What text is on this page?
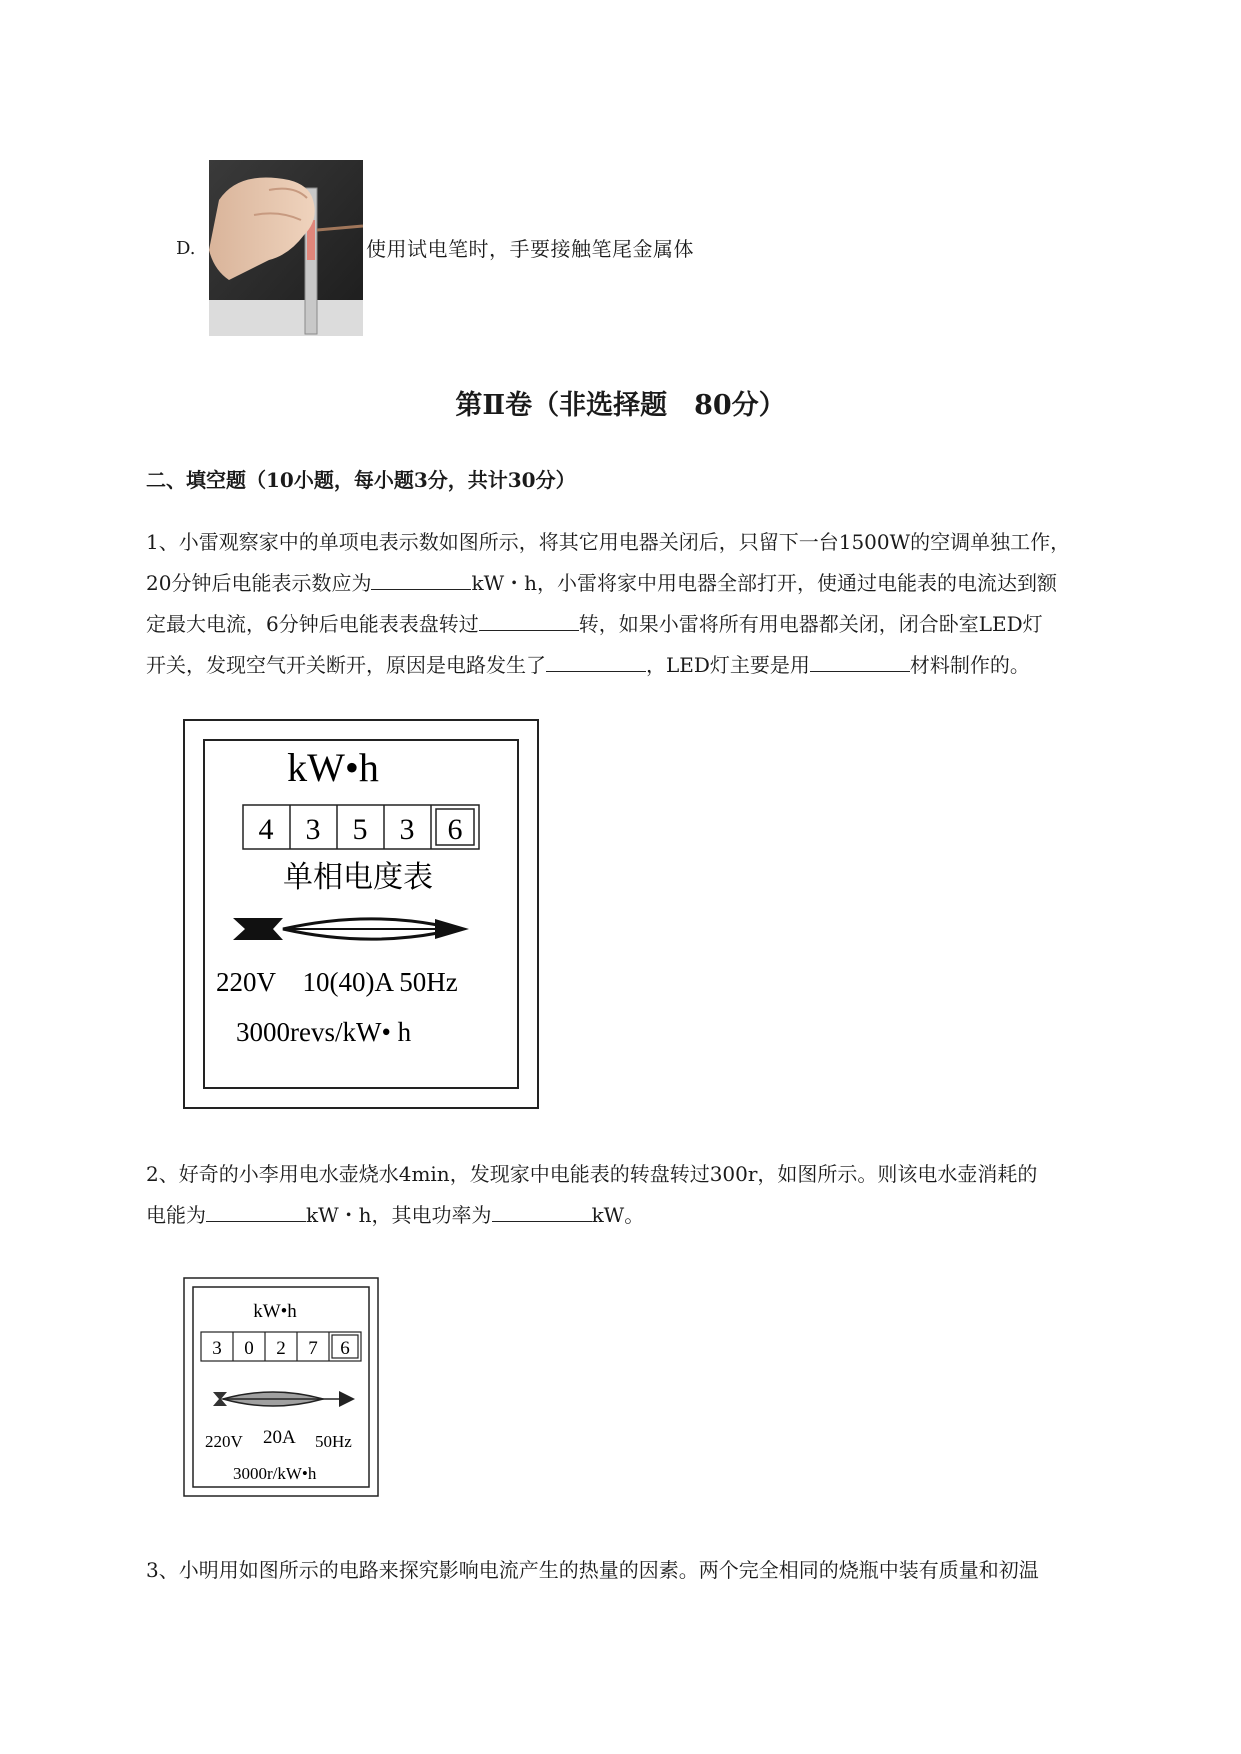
D.	使用试电笔时，手要接触笔尾金属体
第Ⅱ卷（非选择题　80分）
二、填空题（10小题，每小题3分，共计30分）
1、小雷观察家中的单项电表示数如图所示，将其它用电器关闭后，只留下一台1500W的空调单独工作，
20分钟后电能表示数应为	kW・h，小雷将家中用电器全部打开，使通过电能表的电流达到额
定最大电流，6分钟后电能表表盘转过	转，如果小雷将所有用电器都关闭，闭合卧室LED灯
开关，发现空气开关断开，原因是电路发生了	，LED灯主要是用	材料制作的。
kW•h
4 3 5 3 6
单相电度表
220V　10(40)A 50Hz
3000revs/kW• h
2、好奇的小李用电水壶烧水4min，发现家中电能表的转盘转过300r，如图所示。则该电水壶消耗的
电能为	kW・h，其电功率为	kW。
kW•h
3 0 2 7 6
220V 20A 50Hz
3000r/kW•h
3、小明用如图所示的电路来探究影响电流产生的热量的因素。两个完全相同的烧瓶中装有质量和初温
